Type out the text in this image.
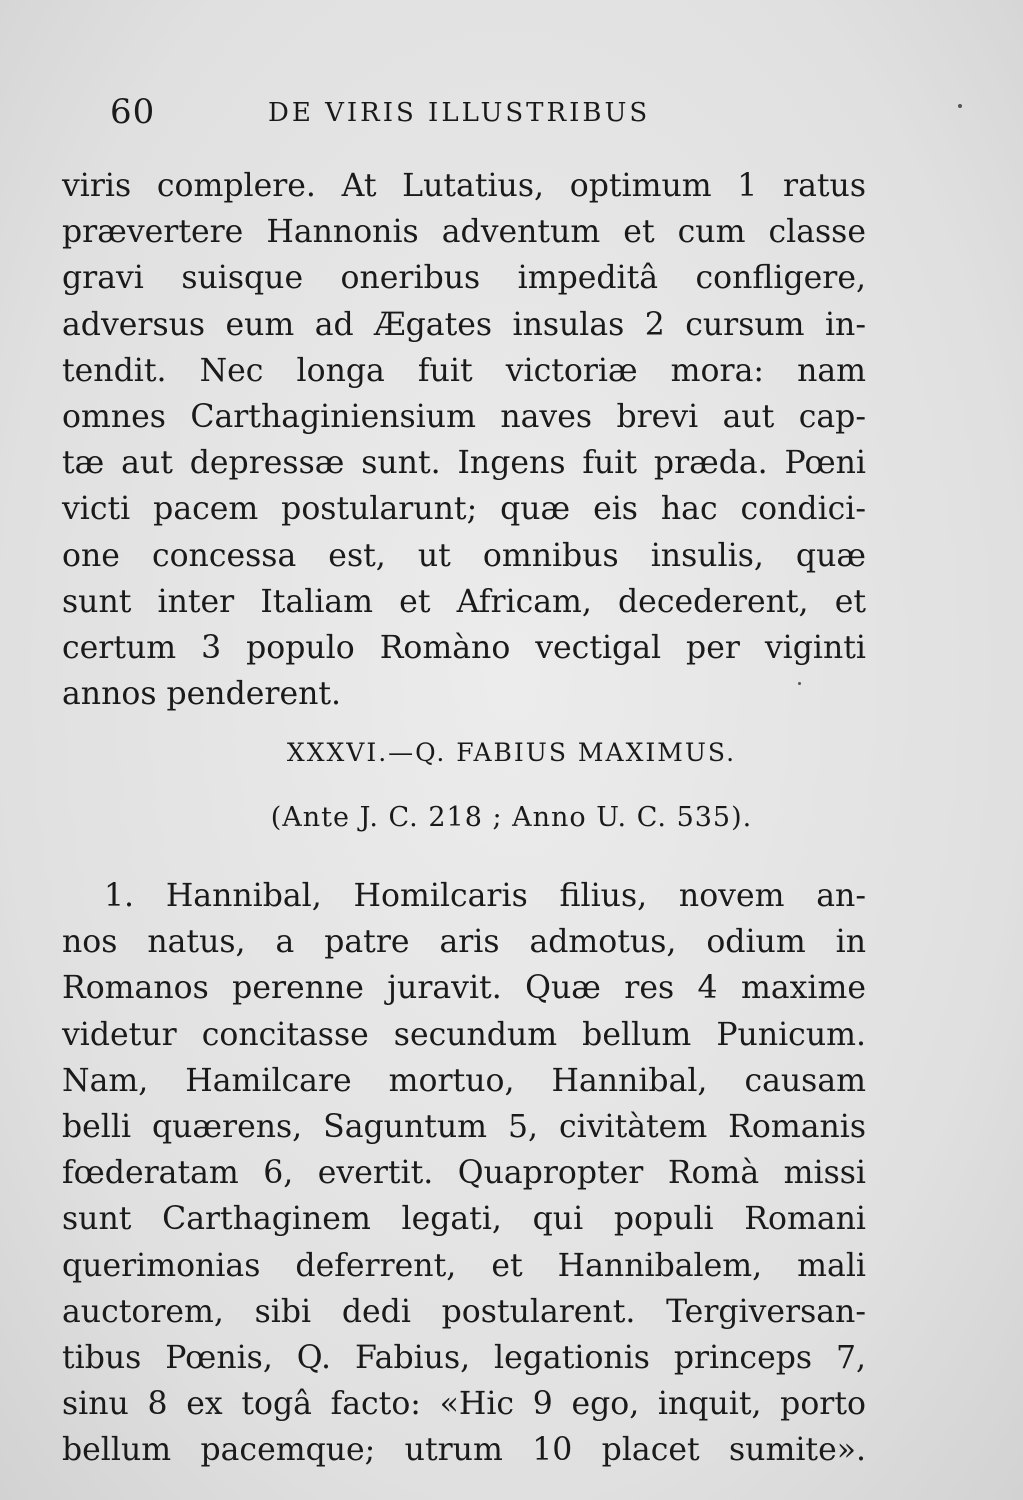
60	DE VIRIS ILLUSTRIBUS
viris complere. At Lutatius, optimum 1 ratus
prævertere Hannonis adventum et cum classe
gravi suisque oneribus impeditâ confligere,
adversus eum ad Ægates insulas 2 cursum in-
tendit. Nec longa fuit victoriæ mora: nam
omnes Carthaginiensium naves brevi aut cap-
tæ aut depressæ sunt. Ingens fuit præda. Pœni
victi pacem postularunt; quæ eis hac condici-
one concessa est, ut omnibus insulis, quæ
sunt inter Italiam et Africam, decederent, et
certum 3 populo Romàno vectigal per viginti
annos penderent.
XXXVI.—Q. FABIUS MAXIMUS.
(Ante J. C. 218 ; Anno U. C. 535).
1. Hannibal, Homilcaris filius, novem an-
nos natus, a patre aris admotus, odium in
Romanos perenne juravit. Quæ res 4 maxime
videtur concitasse secundum bellum Punicum.
Nam, Hamilcare mortuo, Hannibal, causam
belli quærens, Saguntum 5, civitàtem Romanis
fœderatam 6, evertit. Quapropter Romà missi
sunt Carthaginem legati, qui populi Romani
querimonias deferrent, et Hannibalem, mali
auctorem, sibi dedi postularent. Tergiversan-
tibus Pœnis, Q. Fabius, legationis princeps 7,
sinu 8 ex togâ facto: «Hic 9 ego, inquit, porto
bellum pacemque; utrum 10 placet sumite».
